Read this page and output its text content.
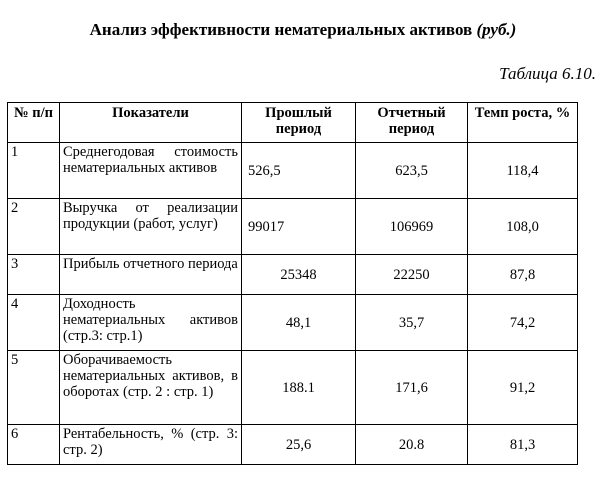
Анализ эффективности нематериальных активов (руб.)
Таблица 6.10.
№ п/п	Показатели	Прошлый период	Отчетный период	Темп роста, %
1	Среднегодовая стоимость нематериальных активов	526,5	623,5	118,4
2	Выручка от реализации продукции (работ, услуг)	99017	106969	108,0
3	Прибыль отчетного периода	25348	22250	87,8
4	Доходность нематериальных активов (стр.3: стр.1)	48,1	35,7	74,2
5	Оборачиваемость нематериальных активов, в оборотах (стр. 2 : стр. 1)	188.1	171,6	91,2
6	Рентабельность, % (стр. 3: стр. 2)	25,6	20.8	81,3
